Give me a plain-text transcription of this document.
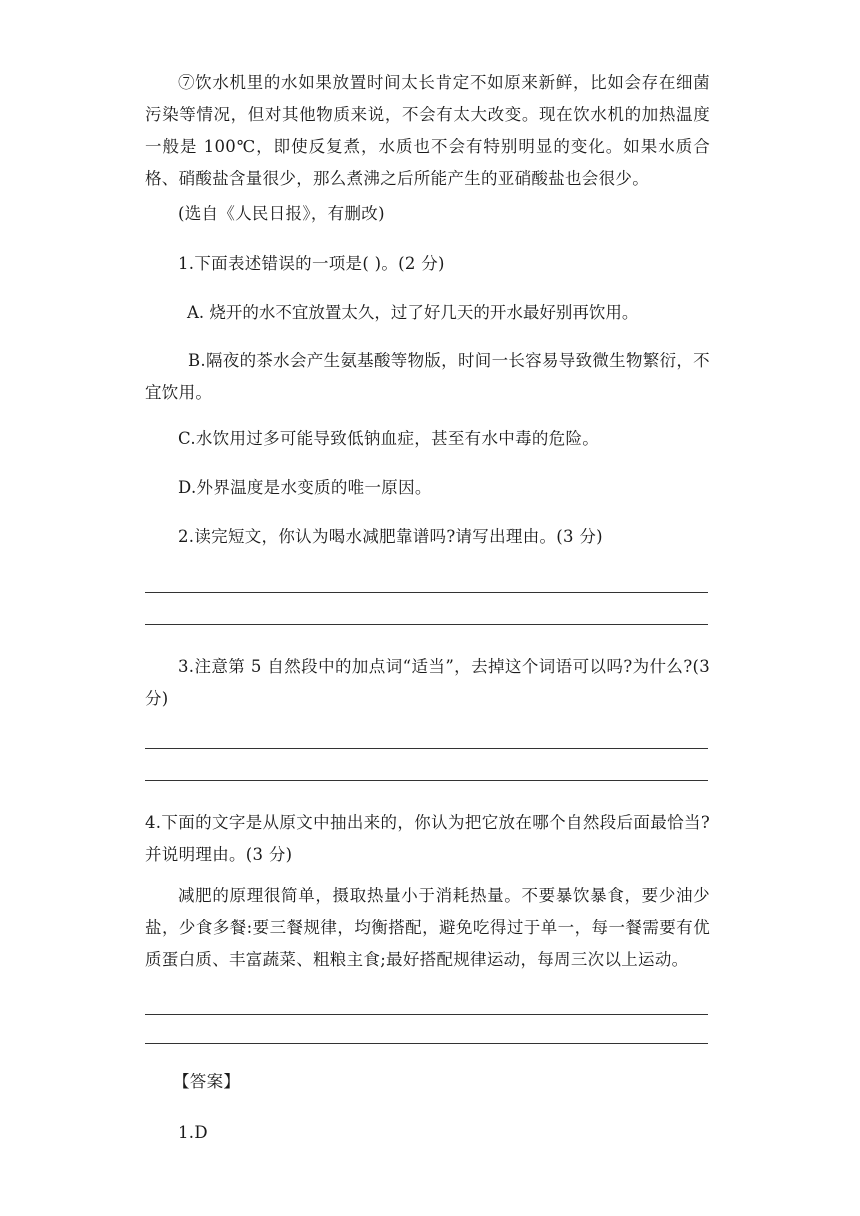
⑦饮水机里的水如果放置时间太长肯定不如原来新鲜，比如会存在细菌污染等情况，但对其他物质来说，不会有太大改变。现在饮水机的加热温度一般是 100℃，即使反复煮，水质也不会有特别明显的变化。如果水质合格、硝酸盐含量很少，那么煮沸之后所能产生的亚硝酸盐也会很少。

(选自《人民日报》，有删改)

1.下面表述错误的一项是( )。(2 分)

A. 烧开的水不宜放置太久，过了好几天的开水最好别再饮用。

B.隔夜的茶水会产生氨基酸等物版，时间一长容易导致微生物繁衍，不宜饮用。

C.水饮用过多可能导致低钠血症，甚至有水中毒的危险。

D.外界温度是水变质的唯一原因。

2.读完短文，你认为喝水减肥靠谱吗?请写出理由。(3 分)

3.注意第 5 自然段中的加点词“适当”，去掉这个词语可以吗?为什么?(3 分)

4.下面的文字是从原文中抽出来的，你认为把它放在哪个自然段后面最恰当?并说明理由。(3 分)

减肥的原理很简单，摄取热量小于消耗热量。不要暴饮暴食，要少油少盐，少食多餐:要三餐规律，均衡搭配，避免吃得过于单一，每一餐需要有优质蛋白质、丰富蔬菜、粗粮主食;最好搭配规律运动，每周三次以上运动。

【答案】

1.D
